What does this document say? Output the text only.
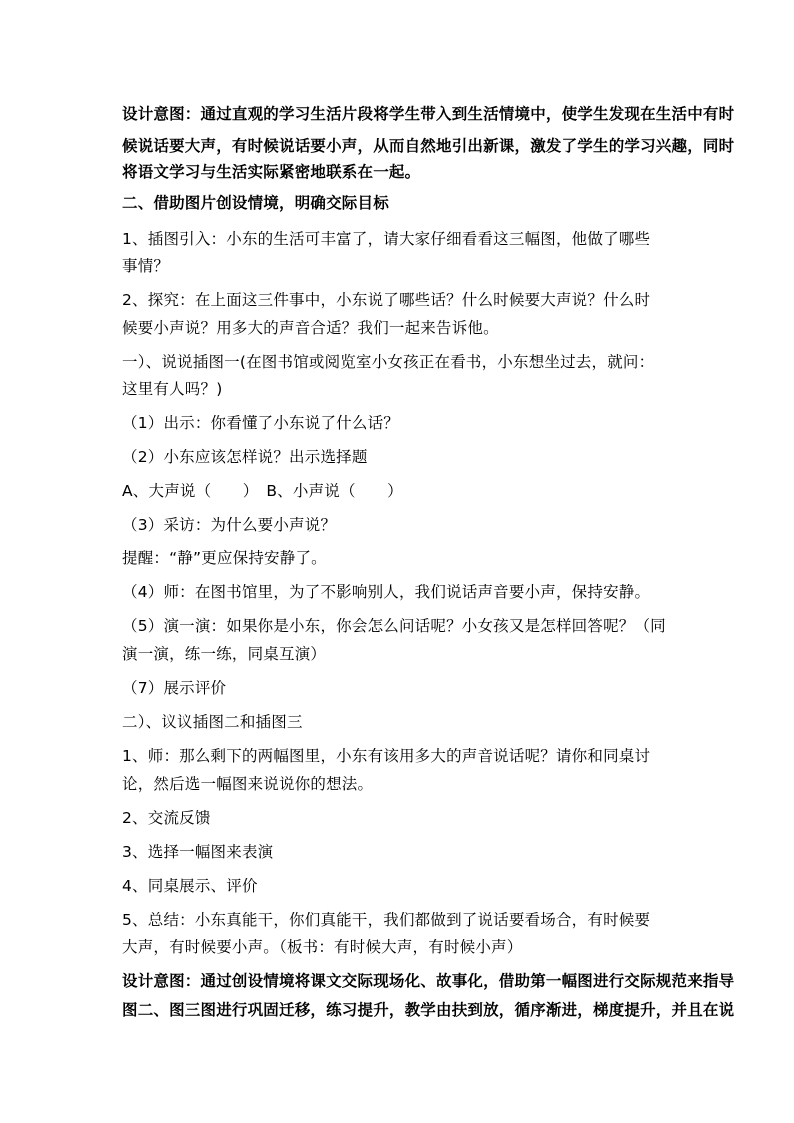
设计意图：通过直观的学习生活片段将学生带入到生活情境中，使学生发现在生活中有时
候说话要大声，有时候说话要小声，从而自然地引出新课，激发了学生的学习兴趣，同时
将语文学习与生活实际紧密地联系在一起。
二、借助图片创设情境，明确交际目标
1、插图引入：小东的生活可丰富了，请大家仔细看看这三幅图，他做了哪些
事情？
2、探究：在上面这三件事中，小东说了哪些话？什么时候要大声说？什么时
候要小声说？用多大的声音合适？我们一起来告诉他。
一）、说说插图一(在图书馆或阅览室小女孩正在看书，小东想坐过去，就问：
这里有人吗？)
（1）出示：你看懂了小东说了什么话？
（2）小东应该怎样说？出示选择题
A、大声说（　　）　B、小声说（　　）
（3）采访：为什么要小声说？
提醒：“静”更应保持安静了。
（4）师：在图书馆里，为了不影响别人，我们说话声音要小声，保持安静。
（5）演一演：如果你是小东，你会怎么问话呢？小女孩又是怎样回答呢？（同
演一演，练一练，同桌互演）
（7）展示评价
二）、议议插图二和插图三
1、师：那么剩下的两幅图里，小东有该用多大的声音说话呢？请你和同桌讨
论，然后选一幅图来说说你的想法。
2、交流反馈
3、选择一幅图来表演
4、同桌展示、评价
5、总结：小东真能干，你们真能干，我们都做到了说话要看场合，有时候要
大声，有时候要小声。（板书：有时候大声，有时候小声）
设计意图：通过创设情境将课文交际现场化、故事化，借助第一幅图进行交际规范来指导
图二、图三图进行巩固迁移，练习提升，教学由扶到放，循序渐进，梯度提升，并且在说
